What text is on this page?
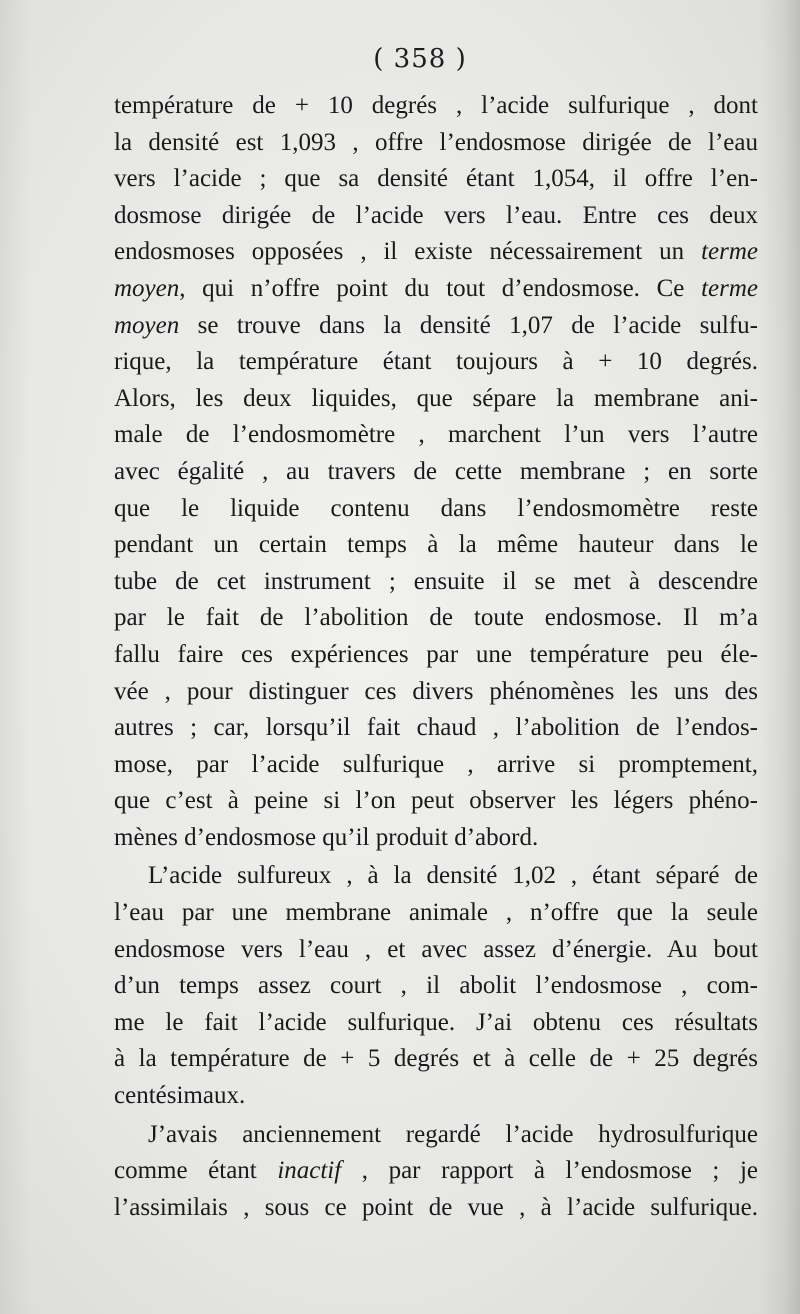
( 358 )
température de + 10 degrés , l’acide sulfurique , dont
la densité est 1,093 , offre l’endosmose dirigée de l’eau
vers l’acide ; que sa densité étant 1,054, il offre l’en-
dosmose dirigée de l’acide vers l’eau. Entre ces deux
endosmoses opposées , il existe nécessairement un terme
moyen, qui n’offre point du tout d’endosmose. Ce terme
moyen se trouve dans la densité 1,07 de l’acide sulfu-
rique, la température étant toujours à + 10 degrés.
Alors, les deux liquides, que sépare la membrane ani-
male de l’endosmomètre , marchent l’un vers l’autre
avec égalité , au travers de cette membrane ; en sorte
que le liquide contenu dans l’endosmomètre reste
pendant un certain temps à la même hauteur dans le
tube de cet instrument ; ensuite il se met à descendre
par le fait de l’abolition de toute endosmose. Il m’a
fallu faire ces expériences par une température peu éle-
vée , pour distinguer ces divers phénomènes les uns des
autres ; car, lorsqu’il fait chaud , l’abolition de l’endos-
mose, par l’acide sulfurique , arrive si promptement,
que c’est à peine si l’on peut observer les légers phéno-
mènes d’endosmose qu’il produit d’abord.
L’acide sulfureux , à la densité 1,02 , étant séparé de
l’eau par une membrane animale , n’offre que la seule
endosmose vers l’eau , et avec assez d’énergie. Au bout
d’un temps assez court , il abolit l’endosmose , com-
me le fait l’acide sulfurique. J’ai obtenu ces résultats
à la température de + 5 degrés et à celle de + 25 degrés
centésimaux.
J’avais anciennement regardé l’acide hydrosulfurique
comme étant inactif , par rapport à l’endosmose ; je
l’assimilais , sous ce point de vue , à l’acide sulfurique.
